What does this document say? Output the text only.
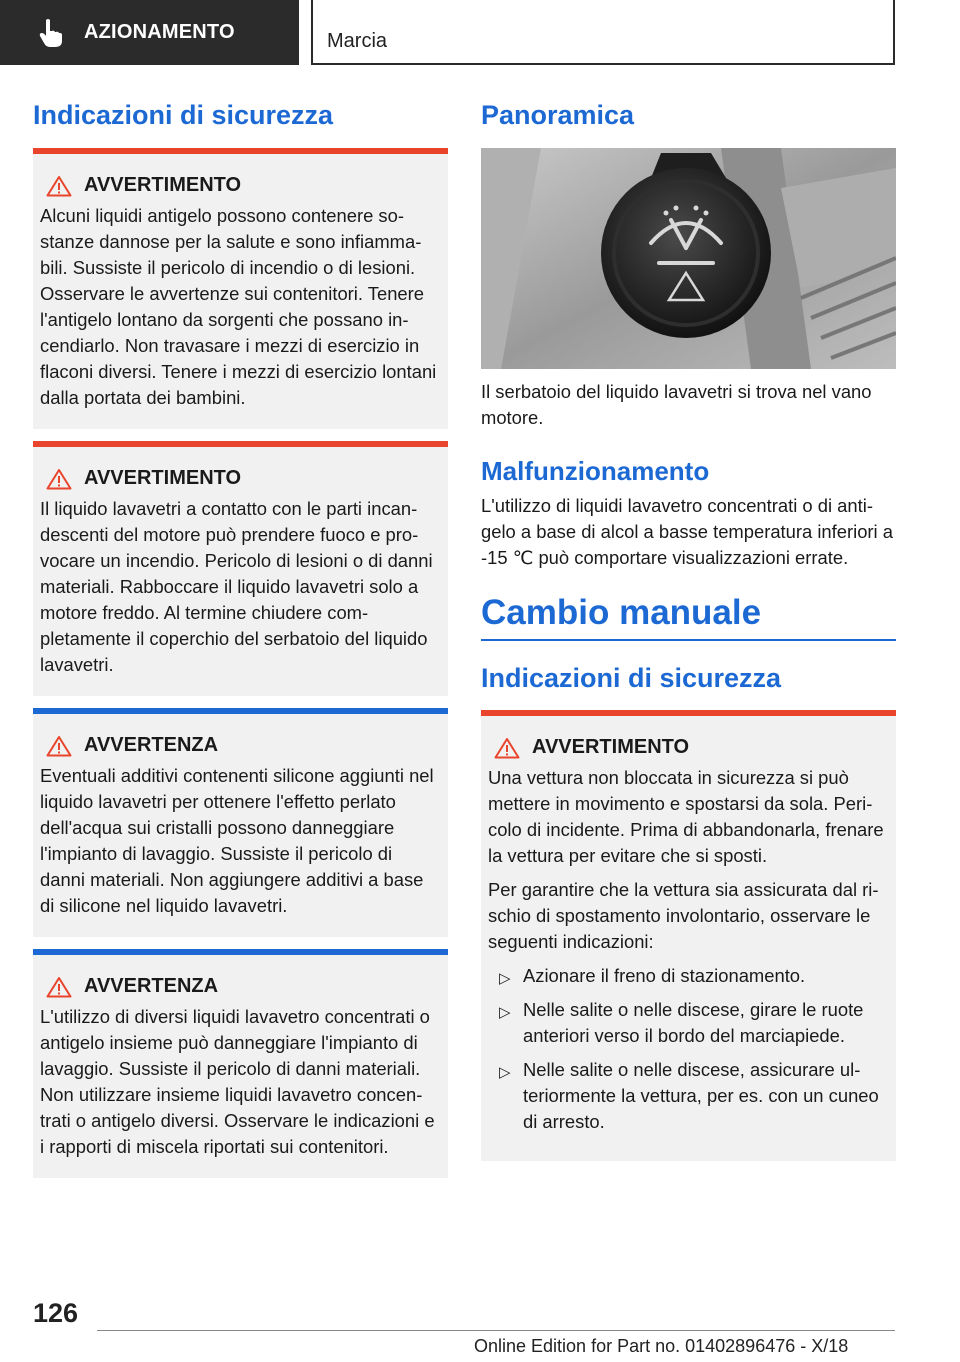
AZIONAMENTO	Marcia
Indicazioni di sicurezza
AVVERTIMENTO

Alcuni liquidi antigelo possono contenere sostanze dannose per la salute e sono infiammabili. Sussiste il pericolo di incendio o di lesioni. Osservare le avvertenze sui contenitori. Tenere l'antigelo lontano da sorgenti che possano incendiarlo. Non travasare i mezzi di esercizio in flaconi diversi. Tenere i mezzi di esercizio lontani dalla portata dei bambini.

AVVERTIMENTO

Il liquido lavavetri a contatto con le parti incandescenti del motore può prendere fuoco e provocare un incendio. Pericolo di lesioni o di danni materiali. Rabboccare il liquido lavavetri solo a motore freddo. Al termine chiudere completamente il coperchio del serbatoio del liquido lavavetri.

AVVERTENZA

Eventuali additivi contenenti silicone aggiunti nel liquido lavavetri per ottenere l'effetto perlato dell'acqua sui cristalli possono danneggiare l'impianto di lavaggio. Sussiste il pericolo di danni materiali. Non aggiungere additivi a base di silicone nel liquido lavavetri.

AVVERTENZA

L'utilizzo di diversi liquidi lavavetro concentrati o antigelo insieme può danneggiare l'impianto di lavaggio. Sussiste il pericolo di danni materiali. Non utilizzare insieme liquidi lavavetro concentrati o antigelo diversi. Osservare le indicazioni e i rapporti di miscela riportati sui contenitori.

Panoramica

Il serbatoio del liquido lavavetri si trova nel vano motore.

Malfunzionamento

L'utilizzo di liquidi lavavetro concentrati o di antigelo a base di alcol a basse temperatura inferiori a -15 ℃ può comportare visualizzazioni errate.

Cambio manuale
Indicazioni di sicurezza
AVVERTIMENTO

Una vettura non bloccata in sicurezza si può mettere in movimento e spostarsi da sola. Pericolo di incidente. Prima di abbandonarla, frenare la vettura per evitare che si sposti.

Per garantire che la vettura sia assicurata dal rischio di spostamento involontario, osservare le seguenti indicazioni:

▷ Azionare il freno di stazionamento.
▷ Nelle salite o nelle discese, girare le ruote anteriori verso il bordo del marciapiede.
▷ Nelle salite o nelle discese, assicurare ulteriormente la vettura, per es. con un cuneo di arresto.
126
Online Edition for Part no. 01402896476 - X/18
